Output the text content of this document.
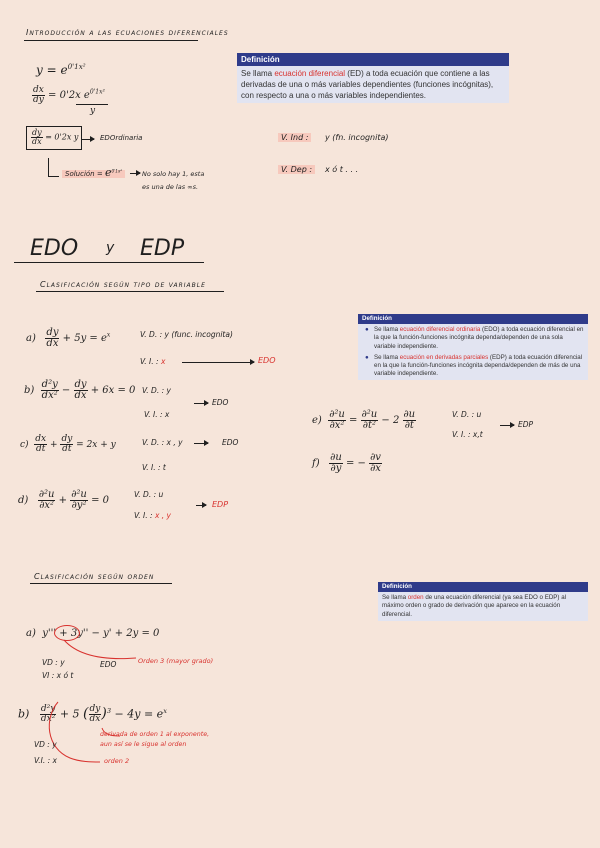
Introducción a las ecuaciones diferenciales
$y = e^{0'1x^2}$
$\frac{dx}{dy} = 0'2x$ $e^{0'1x^2}$
y
$\frac{dy}{dx} = 0'2x$ y	EDOrdinaria
Solución = $e^{0'1x^2}$	No solo hay 1, esta
es una de las ∞s.
V. Ind :	y (fn. incognita)
V. Dep :	x ó t . . .
Definición
Se llama ecuación diferencial (ED) a toda ecuación que contiene a las derivadas de una o más variables dependientes (funciones incógnitas), con respecto a una o más variables independientes.
EDO y EDP
Clasificación según tipo de variable
$a) \frac{dy}{dx} + 5y = e^x$	V. D. : y (func. incognita)
V. I. : x	EDO
$b) \frac{\text{d²y}}{\text{dx²}} - \frac{dy}{dx} + 6x = 0$ V. D. : y
EDO
V. I. : x
$c) \frac{dx}{dt} + \frac{dy}{dt} = 2x + y$	V. D. : x , y	EDO
V. I. : t
$d) \frac{\text{∂²u}}{\text{∂x²}} + \frac{\text{∂²u}}{\text{∂y²}} = 0$
V. D. : u
EDP
V. I. : x , y
$e) \frac{\text{∂²u}}{\text{∂x²}} = \frac{\text{∂²u}}{\text{∂t²}} - 2 \frac{\partial u}{\partial t}$	V. D. : u
EDP
V. I. : x,t
$f) \frac{\partial u}{\partial y}$ = − $\frac{\partial v}{\partial x}$
Definición
● Se llama ecuación diferencial ordinaria (EDO) a toda ecuación diferencial en la que la función-funciones incógnita dependa/dependen de una sola variable independiente.
● Se llama ecuación en derivadas parciales (EDP) a toda ecuación diferencial en la que la función-funciones incógnita dependa/dependen de más de una variable independiente.
Clasificación según orden
a) y''' + 3y'' − y' + 2y = 0
VD : y	EDO	Orden 3 (mayor grado)
VI : x ó t
$b) \frac{\text{d²y}}{\text{dx²}} + 5$ ( $\frac{dy}{dx} )^3 - 4y = e^x$
VD : y
derivada de orden 1 al exponente,
aun así se le sigue al orden
orden 2
V.I. : x
Definición
Se llama orden de una ecuación diferencial (ya sea EDO o EDP) al máximo orden o grado de derivación que aparece en la ecuación diferencial.
